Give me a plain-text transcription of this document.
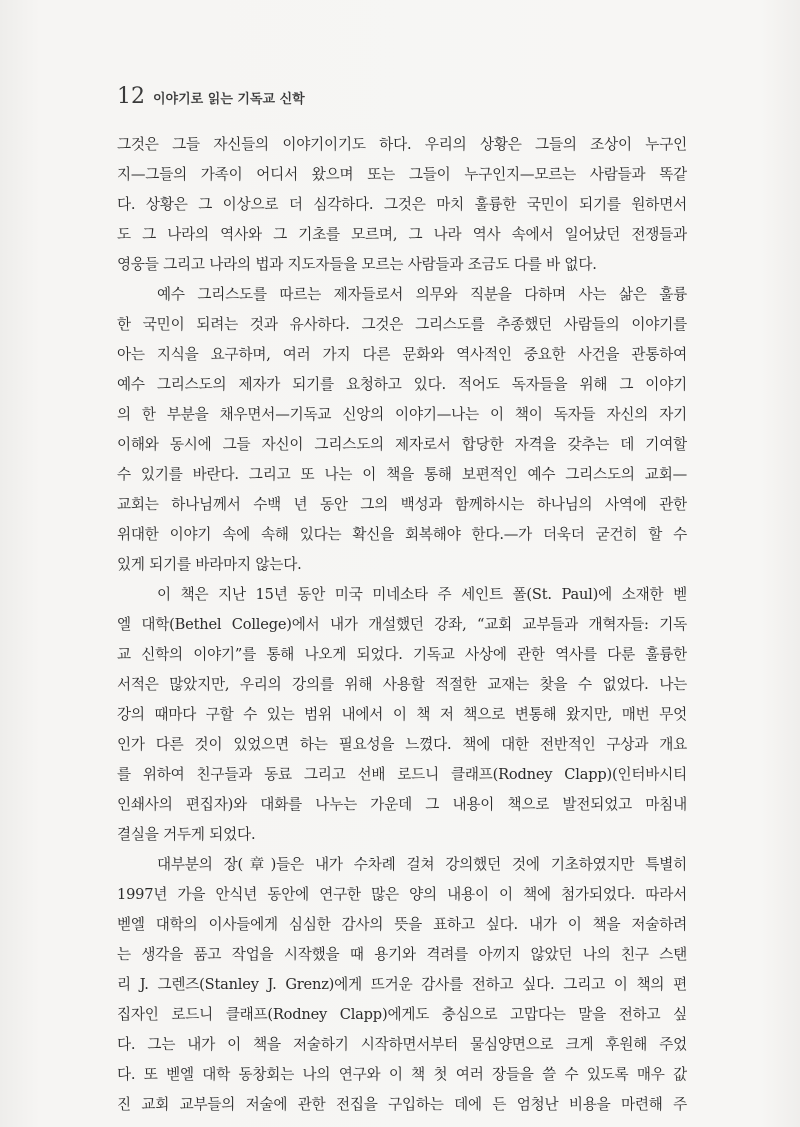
12 이야기로 읽는 기독교 신학
그것은 그들 자신들의 이야기이기도 하다. 우리의 상황은 그들의 조상이 누구인
지—그들의 가족이 어디서 왔으며 또는 그들이 누구인지—모르는 사람들과 똑같
다. 상황은 그 이상으로 더 심각하다. 그것은 마치 훌륭한 국민이 되기를 원하면서
도 그 나라의 역사와 그 기초를 모르며, 그 나라 역사 속에서 일어났던 전쟁들과
영웅들 그리고 나라의 법과 지도자들을 모르는 사람들과 조금도 다를 바 없다.
예수 그리스도를 따르는 제자들로서 의무와 직분을 다하며 사는 삶은 훌륭
한 국민이 되려는 것과 유사하다. 그것은 그리스도를 추종했던 사람들의 이야기를
아는 지식을 요구하며, 여러 가지 다른 문화와 역사적인 중요한 사건을 관통하여
예수 그리스도의 제자가 되기를 요청하고 있다. 적어도 독자들을 위해 그 이야기
의 한 부분을 채우면서—기독교 신앙의 이야기—나는 이 책이 독자들 자신의 자기
이해와 동시에 그들 자신이 그리스도의 제자로서 합당한 자격을 갖추는 데 기여할
수 있기를 바란다. 그리고 또 나는 이 책을 통해 보편적인 예수 그리스도의 교회—
교회는 하나님께서 수백 년 동안 그의 백성과 함께하시는 하나님의 사역에 관한
위대한 이야기 속에 속해 있다는 확신을 회복해야 한다.—가 더욱더 굳건히 할 수
있게 되기를 바라마지 않는다.
이 책은 지난 15년 동안 미국 미네소타 주 세인트 폴(St. Paul)에 소재한 벧
엘 대학(Bethel College)에서 내가 개설했던 강좌, “교회 교부들과 개혁자들: 기독
교 신학의 이야기”를 통해 나오게 되었다. 기독교 사상에 관한 역사를 다룬 훌륭한
서적은 많았지만, 우리의 강의를 위해 사용할 적절한 교재는 찾을 수 없었다. 나는
강의 때마다 구할 수 있는 범위 내에서 이 책 저 책으로 변통해 왔지만, 매번 무엇
인가 다른 것이 있었으면 하는 필요성을 느꼈다. 책에 대한 전반적인 구상과 개요
를 위하여 친구들과 동료 그리고 선배 로드니 클래프(Rodney Clapp)(인터바시티
인쇄사의 편집자)와 대화를 나누는 가운데 그 내용이 책으로 발전되었고 마침내
결실을 거두게 되었다.
대부분의 장(章)들은 내가 수차례 걸쳐 강의했던 것에 기초하였지만 특별히
1997년 가을 안식년 동안에 연구한 많은 양의 내용이 이 책에 첨가되었다. 따라서
벧엘 대학의 이사들에게 심심한 감사의 뜻을 표하고 싶다. 내가 이 책을 저술하려
는 생각을 품고 작업을 시작했을 때 용기와 격려를 아끼지 않았던 나의 친구 스탠
리 J. 그렌즈(Stanley J. Grenz)에게 뜨거운 감사를 전하고 싶다. 그리고 이 책의 편
집자인 로드니 클래프(Rodney Clapp)에게도 충심으로 고맙다는 말을 전하고 싶
다. 그는 내가 이 책을 저술하기 시작하면서부터 물심양면으로 크게 후원해 주었
다. 또 벧엘 대학 동창회는 나의 연구와 이 책 첫 여러 장들을 쓸 수 있도록 매우 값
진 교회 교부들의 저술에 관한 전집을 구입하는 데에 든 엄청난 비용을 마련해 주
